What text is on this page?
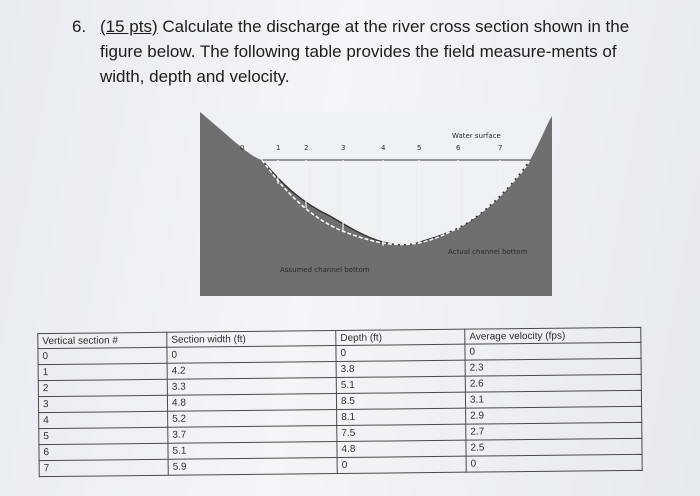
6. (15 pts) Calculate the discharge at the river cross section shown in the figure below. The following table provides the field measure-ments of width, depth and velocity.
0	1	2	3	4	5	6	7
Water surface
Actual channel bottom
Assumed channel bottom
Vertical section #	Section width (ft)	Depth (ft)	Average velocity (fps)
0	0	0	0
1	4.2	3.8	2.3
2	3.3	5.1	2.6
3	4.8	8.5	3.1
4	5.2	8.1	2.9
5	3.7	7.5	2.7
6	5.1	4.8	2.5
7	5.9	0	0
